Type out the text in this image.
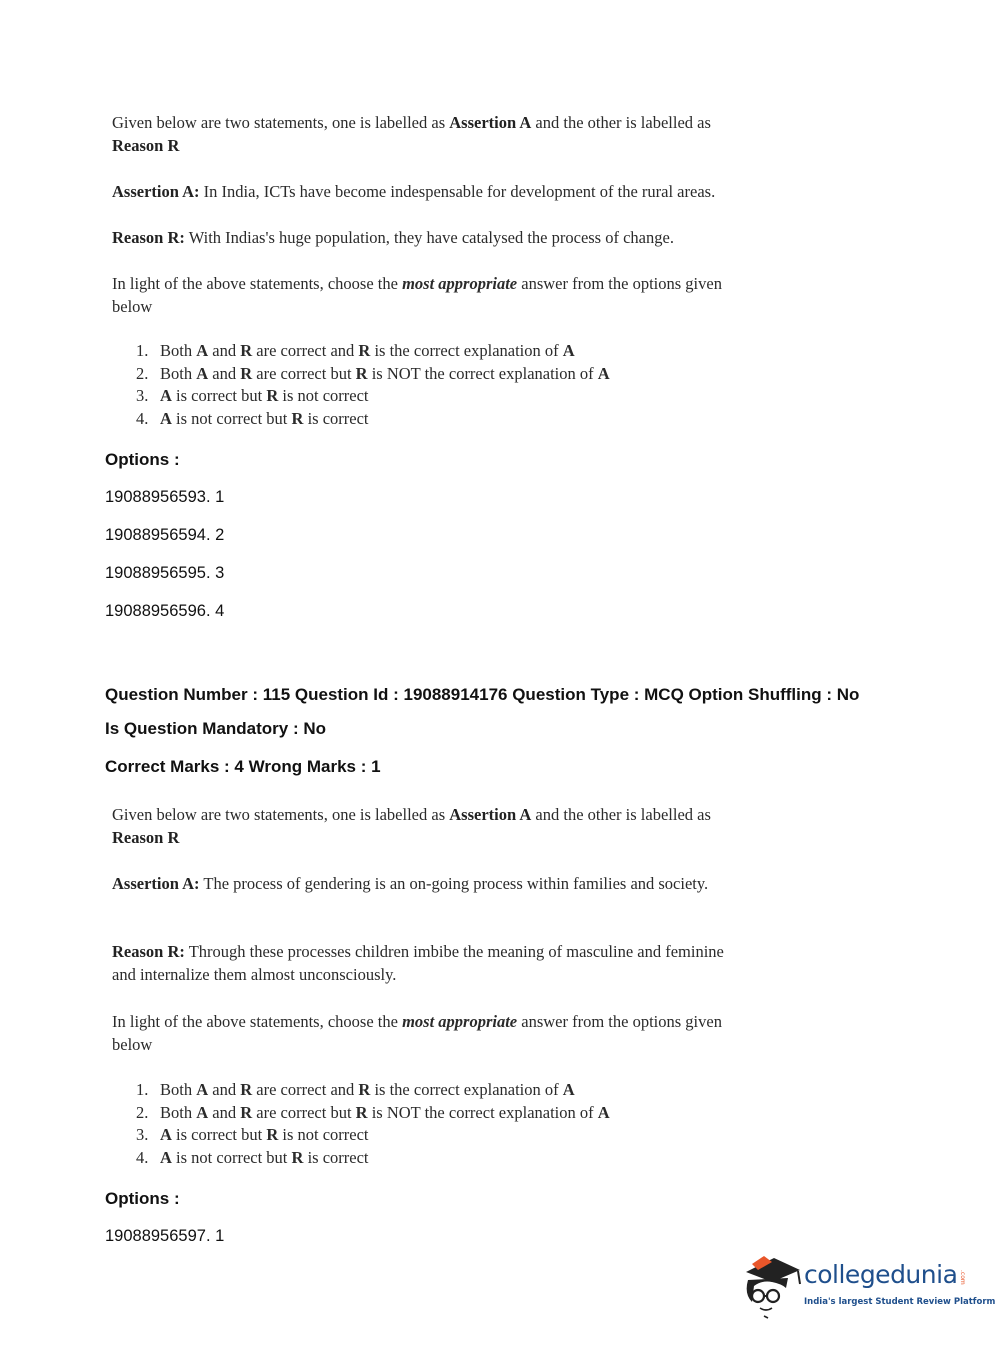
Given below are two statements, one is labelled as Assertion A and the other is labelled as

Reason R

Assertion A: In India, ICTs have become indespensable for development of the rural areas.

Reason R: With Indias's huge population, they have catalysed the process of change.

In light of the above statements, choose the most appropriate answer from the options given

below

1. Both A and R are correct and R is the correct explanation of A
2. Both A and R are correct but R is NOT the correct explanation of A
3. A is correct but R is not correct
4. A is not correct but R is correct
Options :
19088956593. 1
19088956594. 2
19088956595. 3
19088956596. 4
Question Number : 115 Question Id : 19088914176 Question Type : MCQ Option Shuffling : No
Is Question Mandatory : No
Correct Marks : 4 Wrong Marks : 1

Given below are two statements, one is labelled as Assertion A and the other is labelled as

Reason R

Assertion A: The process of gendering is an on-going process within families and society.

Reason R: Through these processes children imbibe the meaning of masculine and feminine

and internalize them almost unconsciously.

In light of the above statements, choose the most appropriate answer from the options given

below

1. Both A and R are correct and R is the correct explanation of A
2. Both A and R are correct but R is NOT the correct explanation of A
3. A is correct but R is not correct
4. A is not correct but R is correct
Options :
19088956597. 1
collegedunia .com
India's largest Student Review Platform
